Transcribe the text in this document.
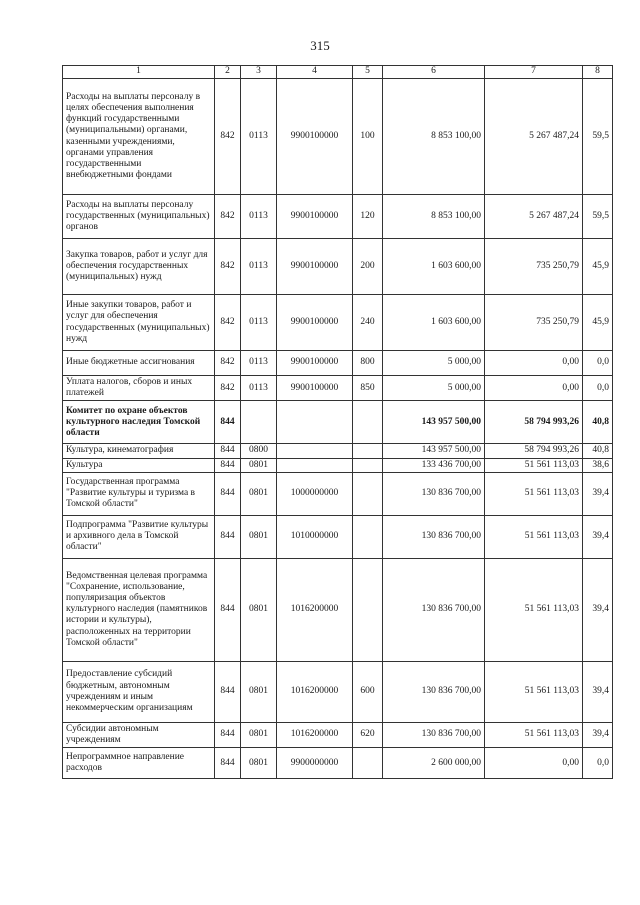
315
1	2	3	4	5	6	7	8
Расходы на выплаты персоналу в целях обеспечения выполнения функций государственными (муниципальными) органами, казенными учреждениями, органами управления государственными внебюджетными фондами	842	0113	9900100000	100	8 853 100,00	5 267 487,24	59,5
Расходы на выплаты персоналу государственных (муниципальных) органов	842	0113	9900100000	120	8 853 100,00	5 267 487,24	59,5
Закупка товаров, работ и услуг для обеспечения государственных (муниципальных) нужд	842	0113	9900100000	200	1 603 600,00	735 250,79	45,9
Иные закупки товаров, работ и услуг для обеспечения государственных (муниципальных) нужд	842	0113	9900100000	240	1 603 600,00	735 250,79	45,9
Иные бюджетные ассигнования	842	0113	9900100000	800	5 000,00	0,00	0,0
Уплата налогов, сборов и иных платежей	842	0113	9900100000	850	5 000,00	0,00	0,0
Комитет по охране объектов культурного наследия Томской области	844				143 957 500,00	58 794 993,26	40,8
Культура, кинематография	844	0800			143 957 500,00	58 794 993,26	40,8
Культура	844	0801			133 436 700,00	51 561 113,03	38,6
Государственная программа "Развитие культуры и туризма в Томской области"	844	0801	1000000000		130 836 700,00	51 561 113,03	39,4
Подпрограмма "Развитие культуры и архивного дела в Томской области"	844	0801	1010000000		130 836 700,00	51 561 113,03	39,4
Ведомственная целевая программа "Сохранение, использование, популяризация объектов культурного наследия (памятников истории и культуры), расположенных на территории Томской области"	844	0801	1016200000		130 836 700,00	51 561 113,03	39,4
Предоставление субсидий бюджетным, автономным учреждениям и иным некоммерческим организациям	844	0801	1016200000	600	130 836 700,00	51 561 113,03	39,4
Субсидии автономным учреждениям	844	0801	1016200000	620	130 836 700,00	51 561 113,03	39,4
Непрограммное направление расходов	844	0801	9900000000		2 600 000,00	0,00	0,0
